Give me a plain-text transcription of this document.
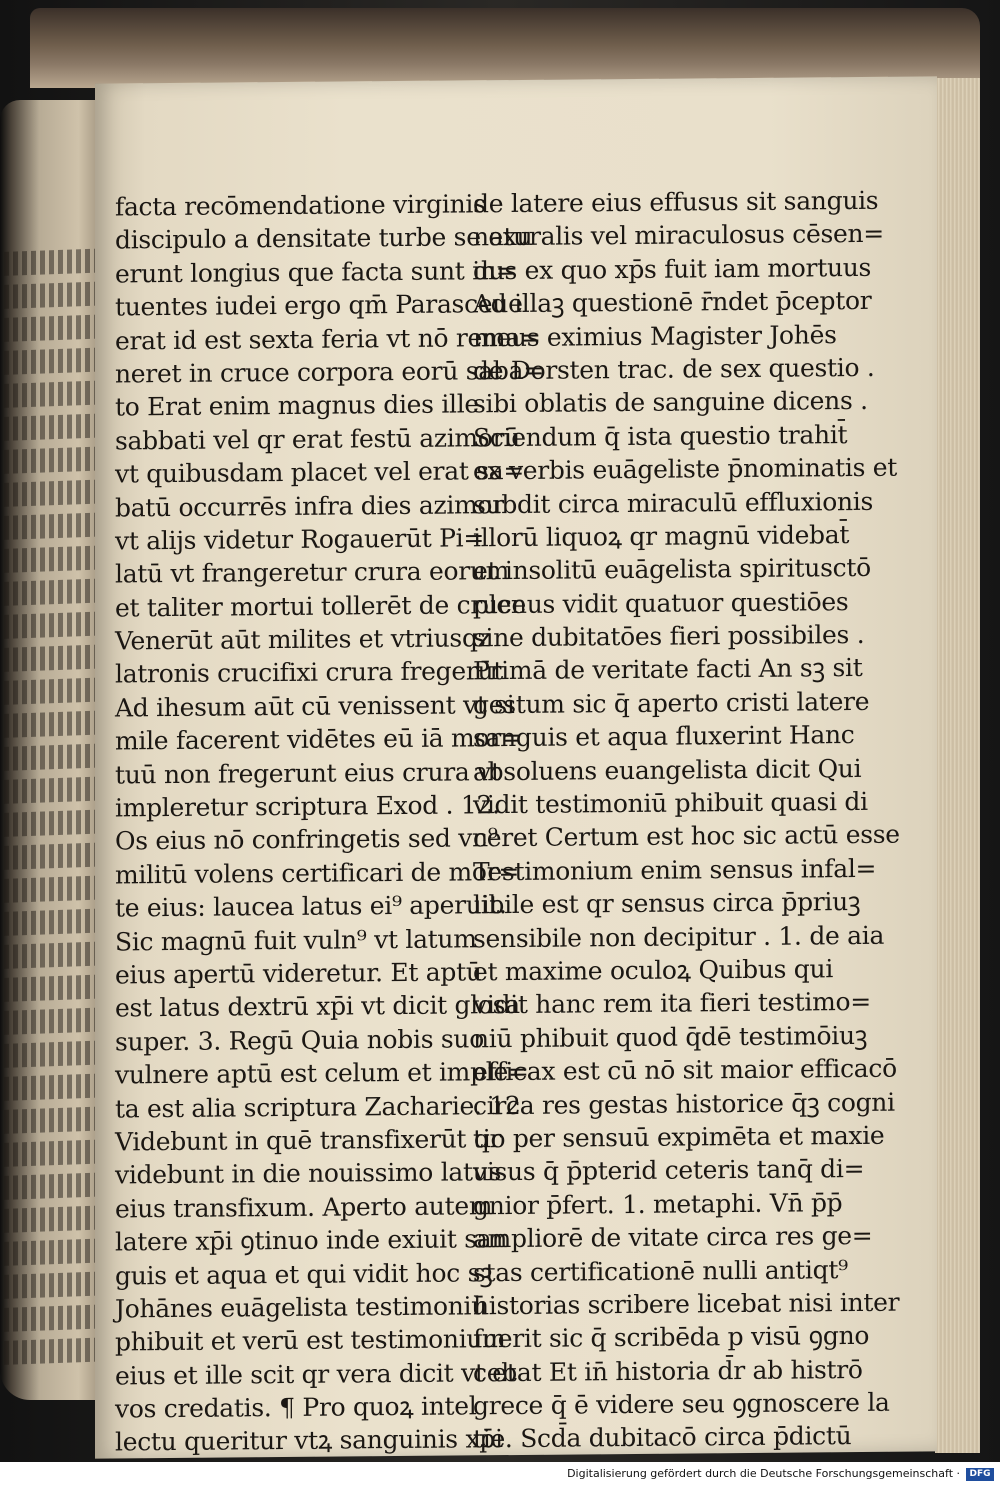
facta recōmendatione virginis
discipulo a densitate turbe se exu
erunt longius que facta sunt in=
tuentes iudei ergo qm̄ Parasceue
erat id est sexta feria vt nō rema=
neret in cruce corpora eorū saba=
to Erat enim magnus dies ille
sabbati vel qr erat festū azimorū
vt quibusdam placet vel erat sa=
batū occurrēs infra dies azimor
vt alijs videtur Rogauerūt Pi=
latū vt frangeretur crura eorum
et taliter mortui tollerēt de cruce
Venerūt aūt milites et vtriusqz
latronis crucifixi crura fregerūt
Ad ihesum aūt cū venissent vt si
mile facerent vidētes eū iā mor=
tuū non fregerunt eius crura vt
impleretur scriptura Exod . 12.
Os eius nō confringetis sed vn⁹
militū volens certificari de mor=
te eius: laucea latus ei⁹ aperuit.
Sic magnū fuit vuln⁹ vt latum
eius apertū videretur. Et aptū
est latus dextrū xp̄i vt dicit glosa
super. 3. Regū Quia nobis suo
vulnere aptū est celum et imple=
ta est alia scriptura Zacharie. 12
Videbunt in quē transfixerūt qr
videbunt in die nouissimo latus
eius transfixum. Aperto autem
latere xp̄i ꝯtinuo inde exiuit san
guis et aqua et qui vidit hoc sꝫ
Johānes euāgelista testimoniū
phibuit et verū est testimonium
eius et ille scit qr vera dicit vt et
vos credatis. ¶ Pro quoꝝ intel
lectu queritur vtꝝ sanguinis xp̄i
de latere eius effusus sit sanguis
naturalis vel miraculosus cēsen=
dus ex quo xp̄s fuit iam mortuus
Ad illaꝫ questionē r̄ndet p̄ceptor
meus eximius Magister Johēs
de Dorsten trac. de sex questio .
sibi oblatis de sanguine dicens .
Sciendum q̄ ista questio trahit̄
ex verbis euāgeliste p̄nominatis et
subdit circa miraculū effluxionis
illorū liquoꝝ qr magnū videbat̄
et insolitū euāgelista spiritusctō
plenus vidit quatuor questiōes
sine dubitatōes fieri possibiles .
Primā de veritate facti An sꝫ sit
gestum sic q̄ aperto cristi latere
sanguis et aqua fluxerint Hanc
absoluens euangelista dicit Qui
vidit testimoniū phibuit quasi di
ceret Certum est hoc sic actū esse
Testimonium enim sensus infal=
libile est qr sensus circa p̄priuꝫ
sensibile non decipitur . 1. de aia
et maxime oculoꝝ Quibus qui
vidit hanc rem ita fieri testimo=
niū phibuit quod q̄dē testimōiuꝫ
efficax est cū nō sit maior efficacō
circa res gestas historice q̄ꝫ cogni
tio per sensuū expimēta et maxie
visus q̄ p̄pterid ceteris tanq̄ di=
gnior p̄fert. 1. metaphi. Vn̄ p̄p̄
ampliorē de vitate circa res ge=
stas certificationē nulli antiqt⁹
historias scribere licebat nisi inter
fuerit sic q̄ scribēda p visū ꝯgno
cebat Et in̄ historia d̄r ab histrō
grece q̄ ē videre seu ꝯgnoscere la
tie. Scd̄a dubitacō circa p̄dictū
Digitalisierung gefördert durch die Deutsche Forschungsgemeinschaft ·	DFG
